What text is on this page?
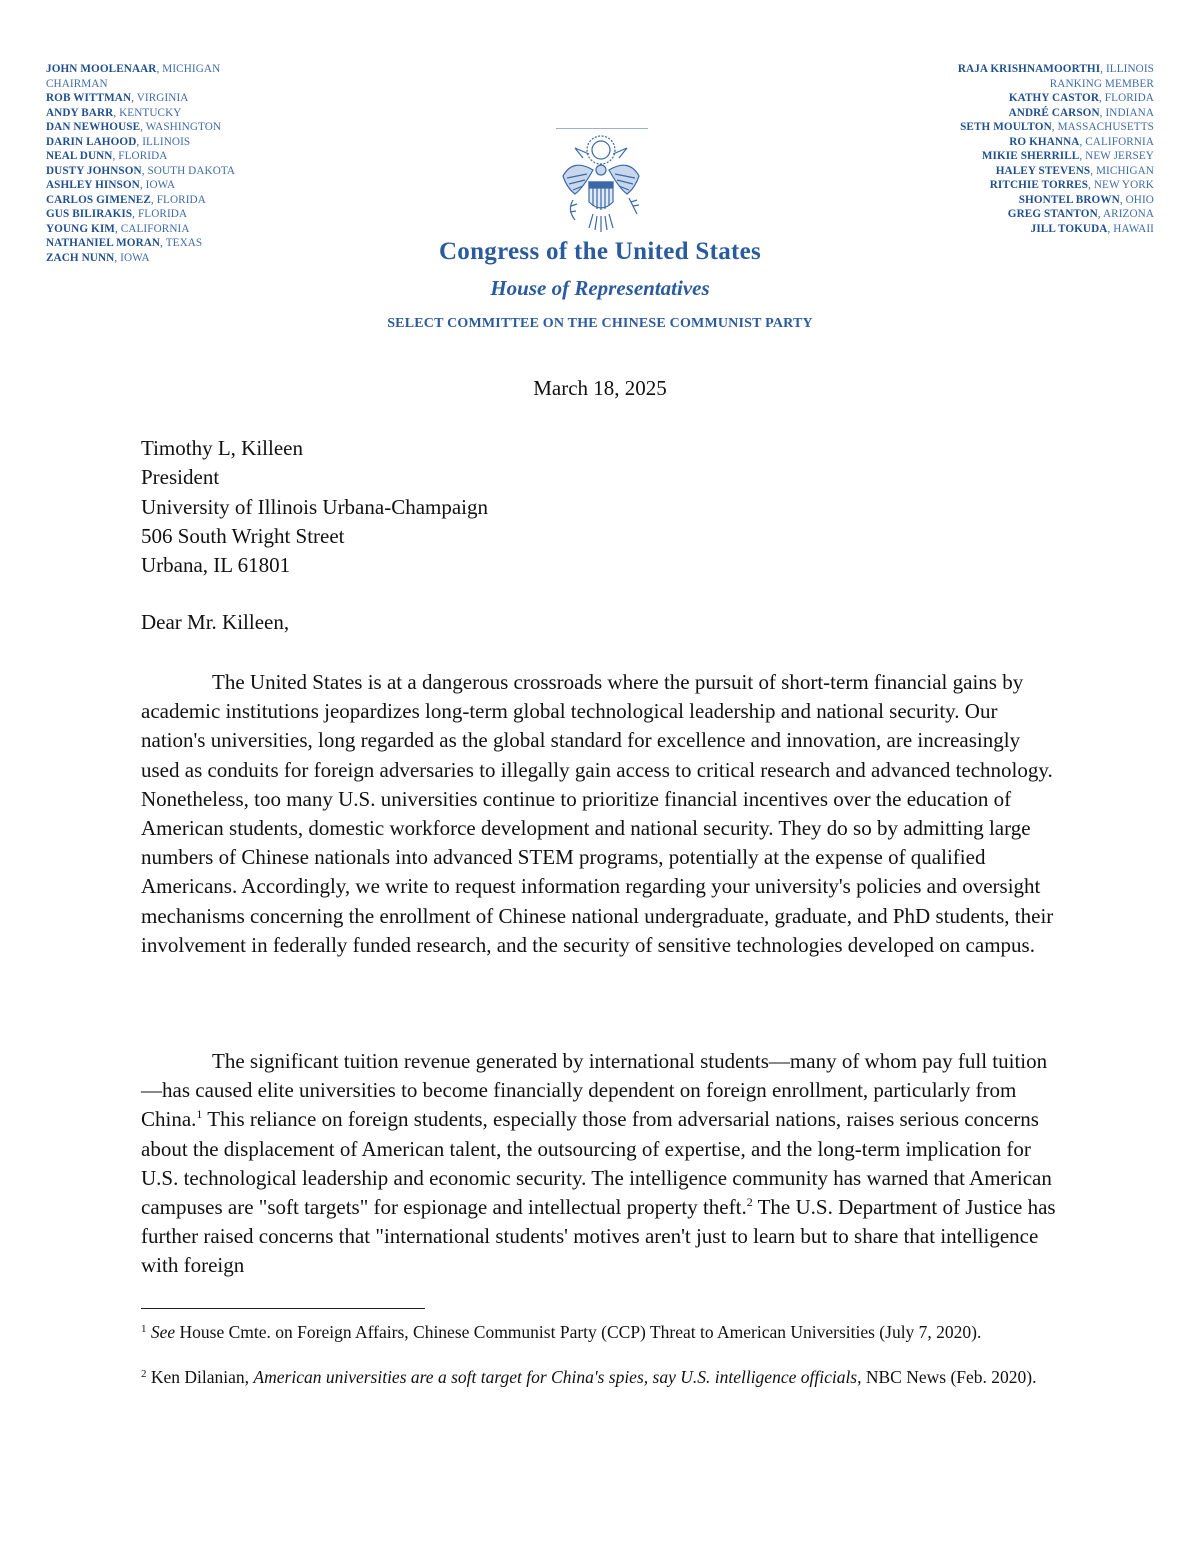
JOHN MOOLENAAR, MICHIGAN
CHAIRMAN
ROB WITTMAN, VIRGINIA
ANDY BARR, KENTUCKY
DAN NEWHOUSE, WASHINGTON
DARIN LAHOOD, ILLINOIS
NEAL DUNN, FLORIDA
DUSTY JOHNSON, SOUTH DAKOTA
ASHLEY HINSON, IOWA
CARLOS GIMENEZ, FLORIDA
GUS BILIRAKIS, FLORIDA
YOUNG KIM, CALIFORNIA
NATHANIEL MORAN, TEXAS
ZACH NUNN, IOWA
RAJA KRISHNAMOORTHI, ILLINOIS
RANKING MEMBER
KATHY CASTOR, FLORIDA
ANDRÉ CARSON, INDIANA
SETH MOULTON, MASSACHUSETTS
RO KHANNA, CALIFORNIA
MIKIE SHERRILL, NEW JERSEY
HALEY STEVENS, MICHIGAN
RITCHIE TORRES, NEW YORK
SHONTEL BROWN, OHIO
GREG STANTON, ARIZONA
JILL TOKUDA, HAWAII
Congress of the United States
House of Representatives
SELECT COMMITTEE ON THE CHINESE COMMUNIST PARTY
March 18, 2025
Timothy L, Killeen
President
University of Illinois Urbana-Champaign
506 South Wright Street
Urbana, IL 61801
Dear Mr. Killeen,
The United States is at a dangerous crossroads where the pursuit of short-term financial gains by academic institutions jeopardizes long-term global technological leadership and national security. Our nation's universities, long regarded as the global standard for excellence and innovation, are increasingly used as conduits for foreign adversaries to illegally gain access to critical research and advanced technology. Nonetheless, too many U.S. universities continue to prioritize financial incentives over the education of American students, domestic workforce development and national security. They do so by admitting large numbers of Chinese nationals into advanced STEM programs, potentially at the expense of qualified Americans. Accordingly, we write to request information regarding your university's policies and oversight mechanisms concerning the enrollment of Chinese national undergraduate, graduate, and PhD students, their involvement in federally funded research, and the security of sensitive technologies developed on campus.
The significant tuition revenue generated by international students—many of whom pay full tuition—has caused elite universities to become financially dependent on foreign enrollment, particularly from China.$^1$ This reliance on foreign students, especially those from adversarial nations, raises serious concerns about the displacement of American talent, the outsourcing of expertise, and the long-term implication for U.S. technological leadership and economic security. The intelligence community has warned that American campuses are "soft targets" for espionage and intellectual property theft.$^2$ The U.S. Department of Justice has further raised concerns that "international students' motives aren't just to learn but to share that intelligence with foreign
$^1$ See House Cmte. on Foreign Affairs, Chinese Communist Party (CCP) Threat to American Universities (July 7, 2020).
$^2$ Ken Dilanian, American universities are a soft target for China's spies, say U.S. intelligence officials, NBC News (Feb. 2020).
